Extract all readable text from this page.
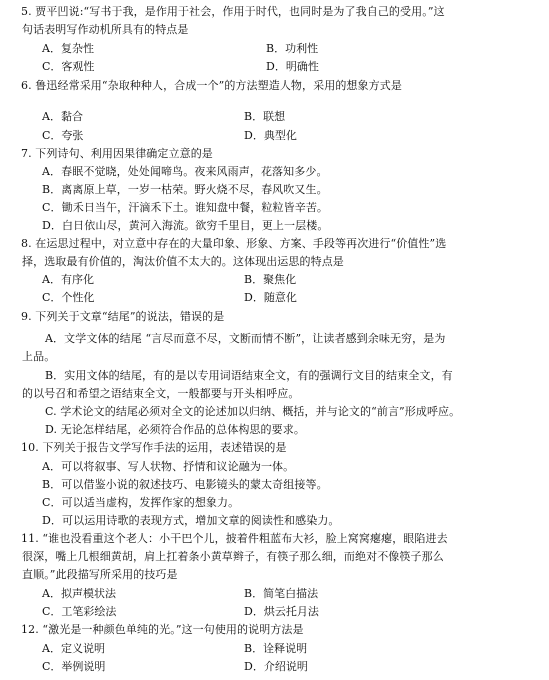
5. 贾平凹说:“写书于我，是作用于社会，作用于时代，也同时是为了我自己的受用。”这
句话表明写作动机所具有的特点是
A．复杂性	B．功利性
C．客观性	D．明确性
6. 鲁迅经常采用“杂取种种人，合成一个”的方法塑造人物，采用的想象方式是
A．黏合	B．联想
C．夸张	D．典型化
7. 下列诗句、利用因果律确定立意的是
A．春眠不觉晓，处处闻啼鸟。夜来风雨声，花落知多少。
B．离离原上草，一岁一枯荣。野火烧不尽，春风吹又生。
C．锄禾日当午，汗滴禾下土。谁知盘中餐，粒粒皆辛苦。
D．白日依山尽，黄河入海流。欲穷千里目，更上一层楼。
8. 在运思过程中，对立意中存在的大量印象、形象、方案、手段等再次进行“价值性”选
择，选取最有价值的，淘汰价值不太大的。这体现出运思的特点是
A．有序化	B．聚焦化
C．个性化	D．随意化
9. 下列关于文章“结尾”的说法，错误的是
A．文学文体的结尾 “言尽而意不尽，文断而情不断”，让读者感到余味无穷，是为
上品。
B．实用文体的结尾，有的是以专用词语结束全文，有的强调行文目的结束全文，有
的以号召和希望之语结束全文，一般都要与开头相呼应。
C. 学术论文的结尾必须对全文的论述加以归纳、概括，并与论文的“前言”形成呼应。
D. 无论怎样结尾，必须符合作品的总体构思的要求。
10. 下列关于报告文学写作手法的运用，表述错误的是
A．可以将叙事、写人状物、抒情和议论融为一体。
B．可以借鉴小说的叙述技巧、电影镜头的蒙太奇组接等。
C．可以适当虚构，发挥作家的想象力。
D．可以运用诗歌的表现方式，增加文章的阅读性和感染力。
11. “谁也没看重这个老人：小干巴个儿，披着件粗蓝布大衫，脸上窝窝瘪瘪，眼陷进去
很深，嘴上几根细黄胡，肩上扛着条小黄草辫子，有筷子那么细，而绝对不像筷子那么
直顺。”此段描写所采用的技巧是
A．拟声模状法	B．简笔白描法
C．工笔彩绘法	D．烘云托月法
12. “激光是一种颜色单纯的光。”这一句使用的说明方法是
A．定义说明	B．诠释说明
C．举例说明	D．介绍说明
